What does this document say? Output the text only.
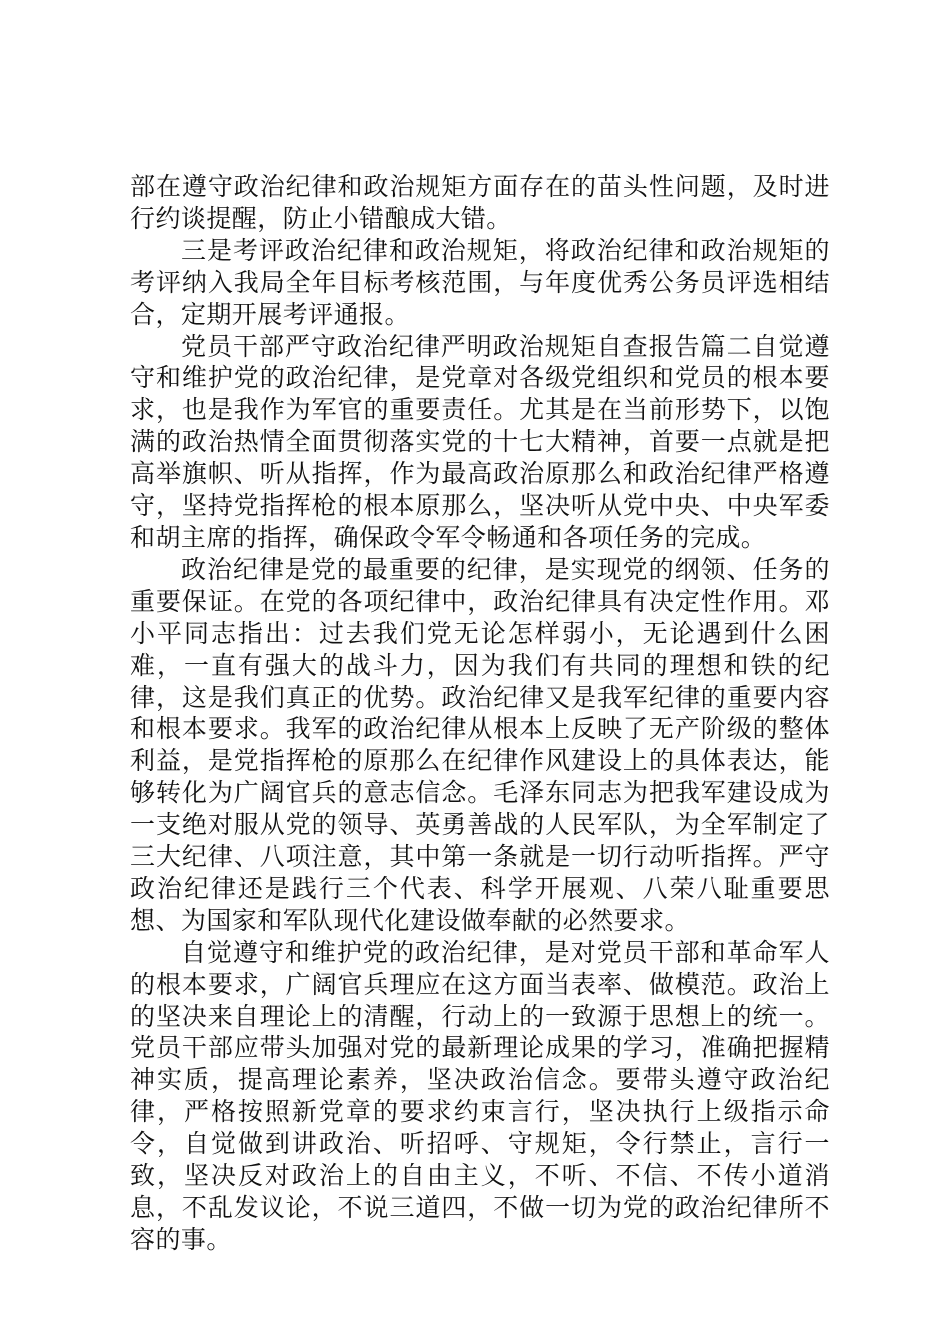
部在遵守政治纪律和政治规矩方面存在的苗头性问题，及时进行约谈提醒，防止小错酿成大错。

三是考评政治纪律和政治规矩，将政治纪律和政治规矩的考评纳入我局全年目标考核范围，与年度优秀公务员评选相结合，定期开展考评通报。

党员干部严守政治纪律严明政治规矩自查报告篇二自觉遵守和维护党的政治纪律，是党章对各级党组织和党员的根本要求，也是我作为军官的重要责任。尤其是在当前形势下，以饱满的政治热情全面贯彻落实党的十七大精神，首要一点就是把高举旗帜、听从指挥，作为最高政治原那么和政治纪律严格遵守，坚持党指挥枪的根本原那么，坚决听从党中央、中央军委和胡主席的指挥，确保政令军令畅通和各项任务的完成。

政治纪律是党的最重要的纪律，是实现党的纲领、任务的重要保证。在党的各项纪律中，政治纪律具有决定性作用。邓小平同志指出：过去我们党无论怎样弱小，无论遇到什么困难，一直有强大的战斗力，因为我们有共同的理想和铁的纪律，这是我们真正的优势。政治纪律又是我军纪律的重要内容和根本要求。我军的政治纪律从根本上反映了无产阶级的整体利益，是党指挥枪的原那么在纪律作风建设上的具体表达，能够转化为广阔官兵的意志信念。毛泽东同志为把我军建设成为一支绝对服从党的领导、英勇善战的人民军队，为全军制定了三大纪律、八项注意，其中第一条就是一切行动听指挥。严守政治纪律还是践行三个代表、科学开展观、八荣八耻重要思想、为国家和军队现代化建设做奉献的必然要求。

自觉遵守和维护党的政治纪律，是对党员干部和革命军人的根本要求，广阔官兵理应在这方面当表率、做模范。政治上的坚决来自理论上的清醒，行动上的一致源于思想上的统一。党员干部应带头加强对党的最新理论成果的学习，准确把握精神实质，提高理论素养，坚决政治信念。要带头遵守政治纪律，严格按照新党章的要求约束言行，坚决执行上级指示命令，自觉做到讲政治、听招呼、守规矩，令行禁止，言行一致，坚决反对政治上的自由主义，不听、不信、不传小道消息，不乱发议论，不说三道四，不做一切为党的政治纪律所不容的事。
